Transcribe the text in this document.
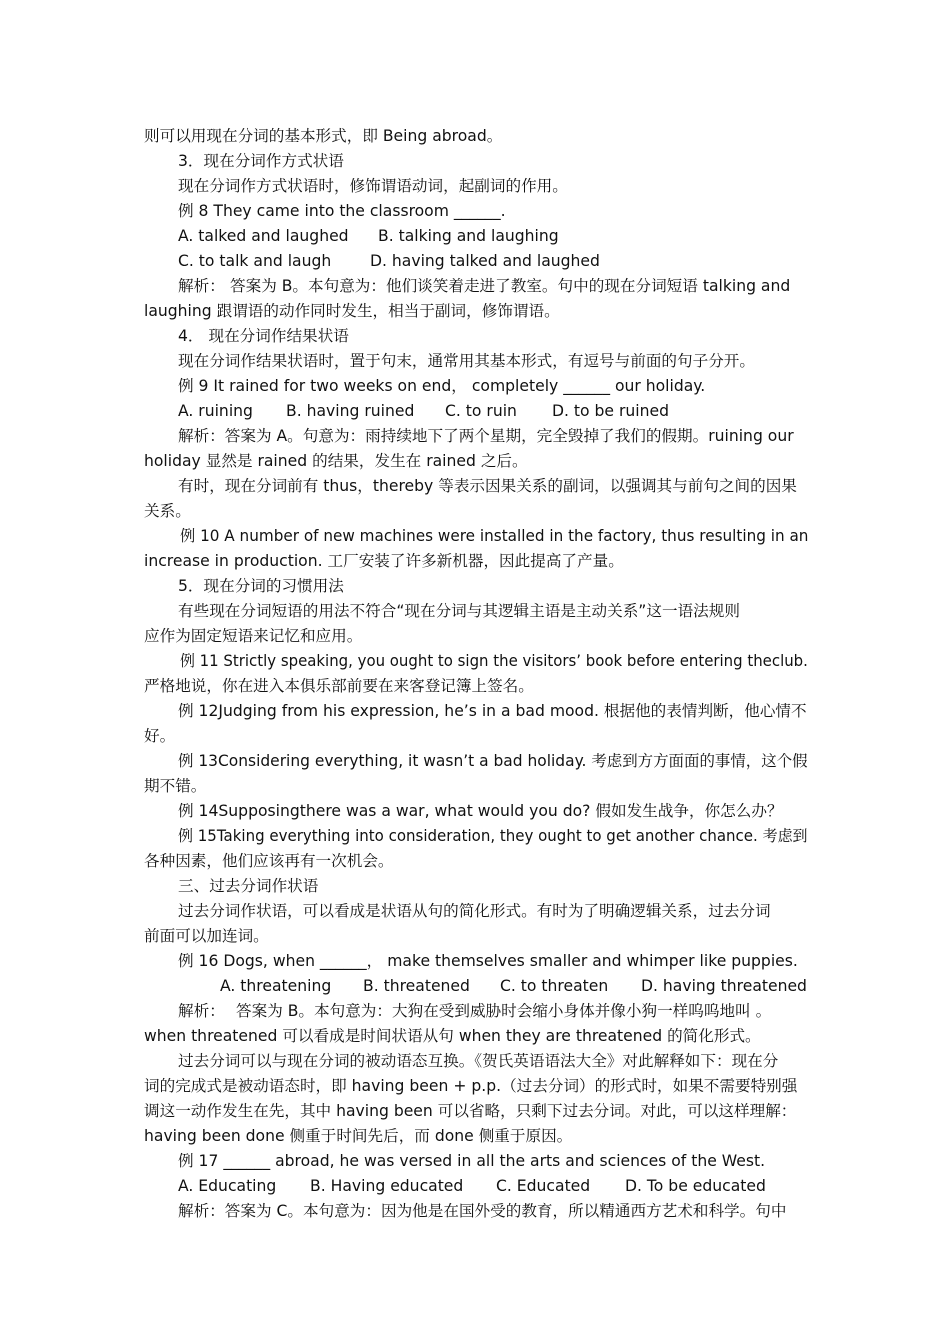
则可以用现在分词的基本形式，即 Being abroad。
3．现在分词作方式状语
现在分词作方式状语时，修饰谓语动词，起副词的作用。
例 8 They came into the classroom ______.
A. talked and laughed B. talking and laughing
C. to talk and laugh D. having talked and laughed
解析： 答案为 B。本句意为：他们谈笑着走进了教室。句中的现在分词短语 talking and
laughing 跟谓语的动作同时发生，相当于副词，修饰谓语。
4． 现在分词作结果状语
现在分词作结果状语时，置于句末，通常用其基本形式，有逗号与前面的句子分开。
例 9 It rained for two weeks on end， completely ______ our holiday.
A. ruining B. having ruined C. to ruin D. to be ruined
解析：答案为 A。句意为：雨持续地下了两个星期，完全毁掉了我们的假期。ruining our
holiday 显然是 rained 的结果，发生在 rained 之后。
有时，现在分词前有 thus，thereby 等表示因果关系的副词，以强调其与前句之间的因果
关系。
例 10 A number of new machines were installed in the factory, thus resulting in an
increase in production. 工厂安装了许多新机器，因此提高了产量。
5．现在分词的习惯用法
有些现在分词短语的用法不符合“现在分词与其逻辑主语是主动关系”这一语法规则
应作为固定短语来记忆和应用。
例 11 Strictly speaking, you ought to sign the visitors’ book before entering theclub.
严格地说，你在进入本俱乐部前要在来客登记簿上签名。
例 12Judging from his expression, he’s in a bad mood. 根据他的表情判断，他心情不
好。
例 13Considering everything, it wasn’t a bad holiday. 考虑到方方面面的事情，这个假
期不错。
例 14Supposingthere was a war, what would you do? 假如发生战争，你怎么办？
例 15Taking everything into consideration, they ought to get another chance. 考虑到
各种因素，他们应该再有一次机会。
三、过去分词作状语
过去分词作状语，可以看成是状语从句的简化形式。有时为了明确逻辑关系，过去分词
前面可以加连词。
例 16 Dogs, when ______， make themselves smaller and whimper like puppies.
A. threatening B. threatened C. to threaten D. having threatened
解析： 答案为 B。本句意为：大狗在受到威胁时会缩小身体并像小狗一样呜呜地叫 。
when threatened 可以看成是时间状语从句 when they are threatened 的简化形式。
过去分词可以与现在分词的被动语态互换。《贺氏英语语法大全》对此解释如下：现在分
词的完成式是被动语态时，即 having been + p.p.（过去分词）的形式时，如果不需要特别强
调这一动作发生在先，其中 having been 可以省略，只剩下过去分词。对此，可以这样理解：
having been done 侧重于时间先后，而 done 侧重于原因。
例 17 ______ abroad, he was versed in all the arts and sciences of the West.
A. Educating B. Having educated C. Educated D. To be educated
解析：答案为 C。本句意为：因为他是在国外受的教育，所以精通西方艺术和科学。句中
